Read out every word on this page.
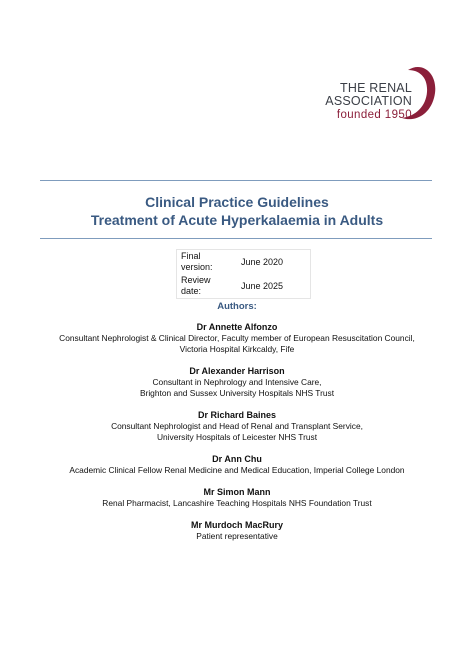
THE RENAL
ASSOCIATION
founded 1950
Clinical Practice Guidelines
Treatment of Acute Hyperkalaemia in Adults
Final version:	June 2020
Review date:	June 2025
Authors:
Dr Annette Alfonzo
Consultant Nephrologist & Clinical Director, Faculty member of European Resuscitation Council,
Victoria Hospital Kirkcaldy, Fife
Dr Alexander Harrison
Consultant in Nephrology and Intensive Care,
Brighton and Sussex University Hospitals NHS Trust
Dr Richard Baines
Consultant Nephrologist and Head of Renal and Transplant Service,
University Hospitals of Leicester NHS Trust
Dr Ann Chu
Academic Clinical Fellow Renal Medicine and Medical Education, Imperial College London
Mr Simon Mann
Renal Pharmacist, Lancashire Teaching Hospitals NHS Foundation Trust
Mr Murdoch MacRury
Patient representative
